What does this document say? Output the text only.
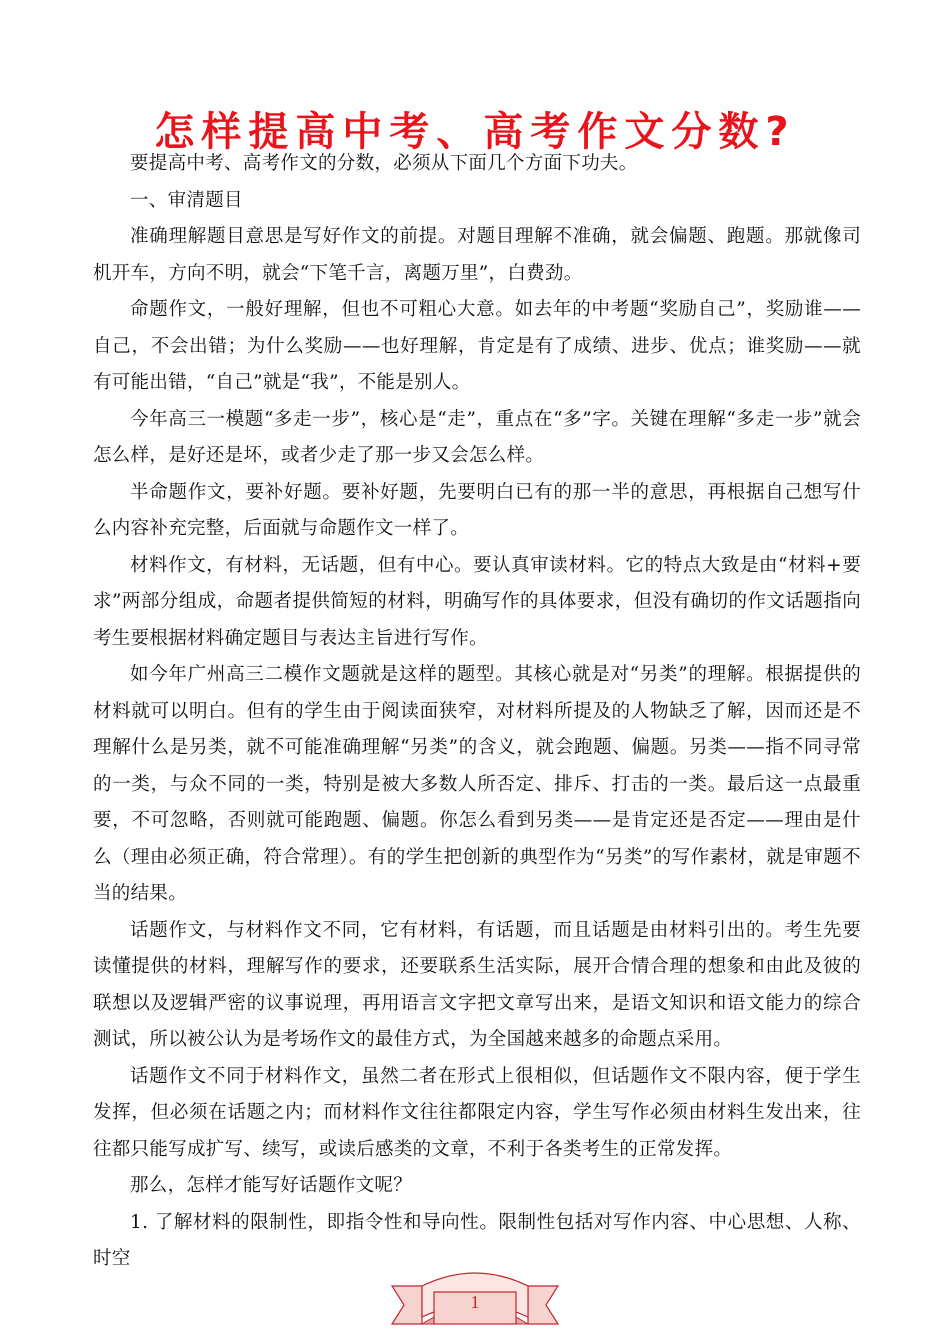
怎样提高中考、高考作文分数?

要提高中考、高考作文的分数，必须从下面几个方面下功夫。

一、审清题目

准确理解题目意思是写好作文的前提。对题目理解不准确，就会偏题、跑题。那就像司机开车，方向不明，就会“下笔千言，离题万里”，白费劲。

命题作文，一般好理解，但也不可粗心大意。如去年的中考题“奖励自己”，奖励谁——自己，不会出错；为什么奖励——也好理解，肯定是有了成绩、进步、优点；谁奖励——就有可能出错，“自己”就是“我”，不能是别人。

今年高三一模题“多走一步”，核心是“走”，重点在“多”字。关键在理解“多走一步”就会怎么样，是好还是坏，或者少走了那一步又会怎么样。

半命题作文，要补好题。要补好题，先要明白已有的那一半的意思，再根据自己想写什么内容补充完整，后面就与命题作文一样了。

材料作文，有材料，无话题，但有中心。要认真审读材料。它的特点大致是由“材料+要求”两部分组成，命题者提供简短的材料，明确写作的具体要求，但没有确切的作文话题指向考生要根据材料确定题目与表达主旨进行写作。

如今年广州高三二模作文题就是这样的题型。其核心就是对“另类”的理解。根据提供的材料就可以明白。但有的学生由于阅读面狭窄，对材料所提及的人物缺乏了解，因而还是不理解什么是另类，就不可能准确理解“另类”的含义，就会跑题、偏题。另类——指不同寻常的一类，与众不同的一类，特别是被大多数人所否定、排斥、打击的一类。最后这一点最重要，不可忽略，否则就可能跑题、偏题。你怎么看到另类——是肯定还是否定——理由是什么（理由必须正确，符合常理）。有的学生把创新的典型作为“另类”的写作素材，就是审题不当的结果。

话题作文，与材料作文不同，它有材料，有话题，而且话题是由材料引出的。考生先要读懂提供的材料，理解写作的要求，还要联系生活实际，展开合情合理的想象和由此及彼的联想以及逻辑严密的议事说理，再用语言文字把文章写出来，是语文知识和语文能力的综合测试，所以被公认为是考场作文的最佳方式，为全国越来越多的命题点采用。

话题作文不同于材料作文，虽然二者在形式上很相似，但话题作文不限内容，便于学生发挥，但必须在话题之内；而材料作文往往都限定内容，学生写作必须由材料生发出来，往往都只能写成扩写、续写，或读后感类的文章，不利于各类考生的正常发挥。

那么，怎样才能写好话题作文呢？

1. 了解材料的限制性，即指令性和导向性。限制性包括对写作内容、中心思想、人称、时空

1
